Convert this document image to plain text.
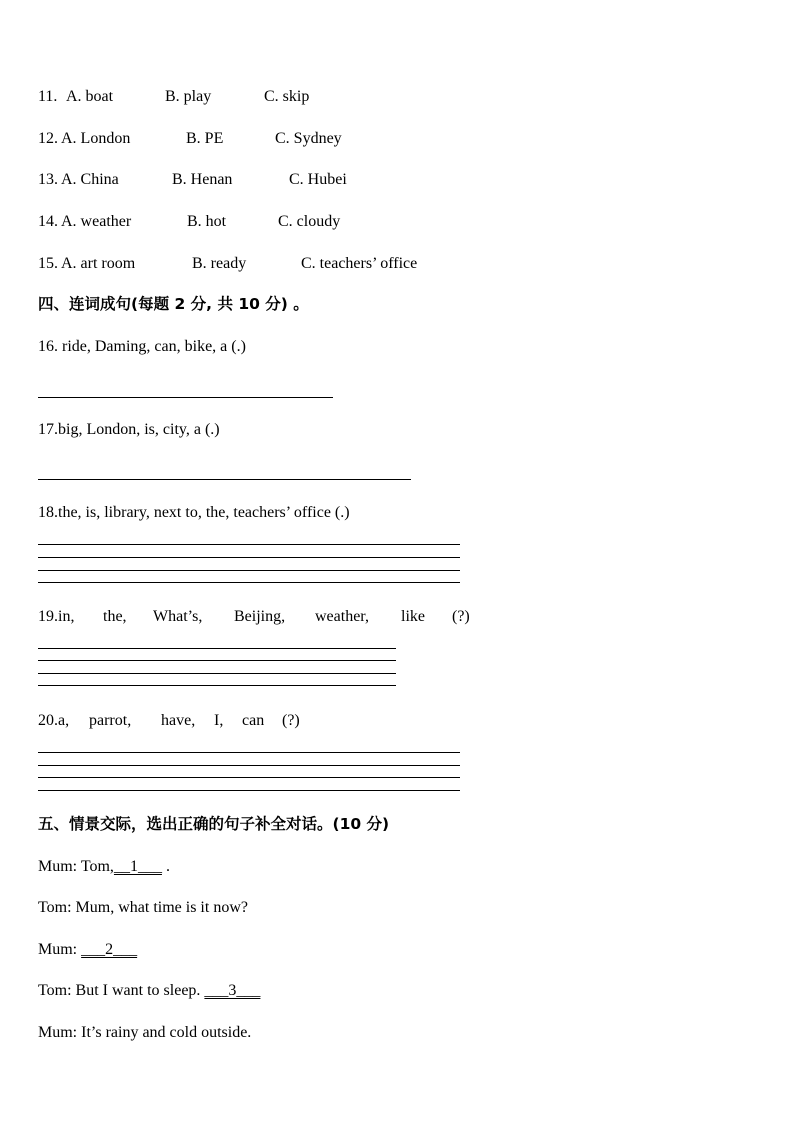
11. A. boat	B. play	C. skip
12. A. London	B. PE	C. Sydney
13. A. China	B. Henan	C. Hubei
14. A. weather	B. hot	C. cloudy
15. A. art room	B. ready	C. teachers’ office
四、连词成句(每题 2 分, 共 10 分) 。
16. ride, Daming, can, bike, a (.)
17.big, London, is, city, a (.)
18.the, is, library, next to, the, teachers’ office (.)
19.in, the, What’s, Beijing, weather, like (?)
20.a, parrot, have, I, can (?)
五、情景交际，选出正确的句子补全对话。(10 分)
Mum: Tom,__1___ .
Tom: Mum, what time is it now?
Mum: ___2___
Tom: But I want to sleep. ___3___
Mum: It’s rainy and cold outside.
